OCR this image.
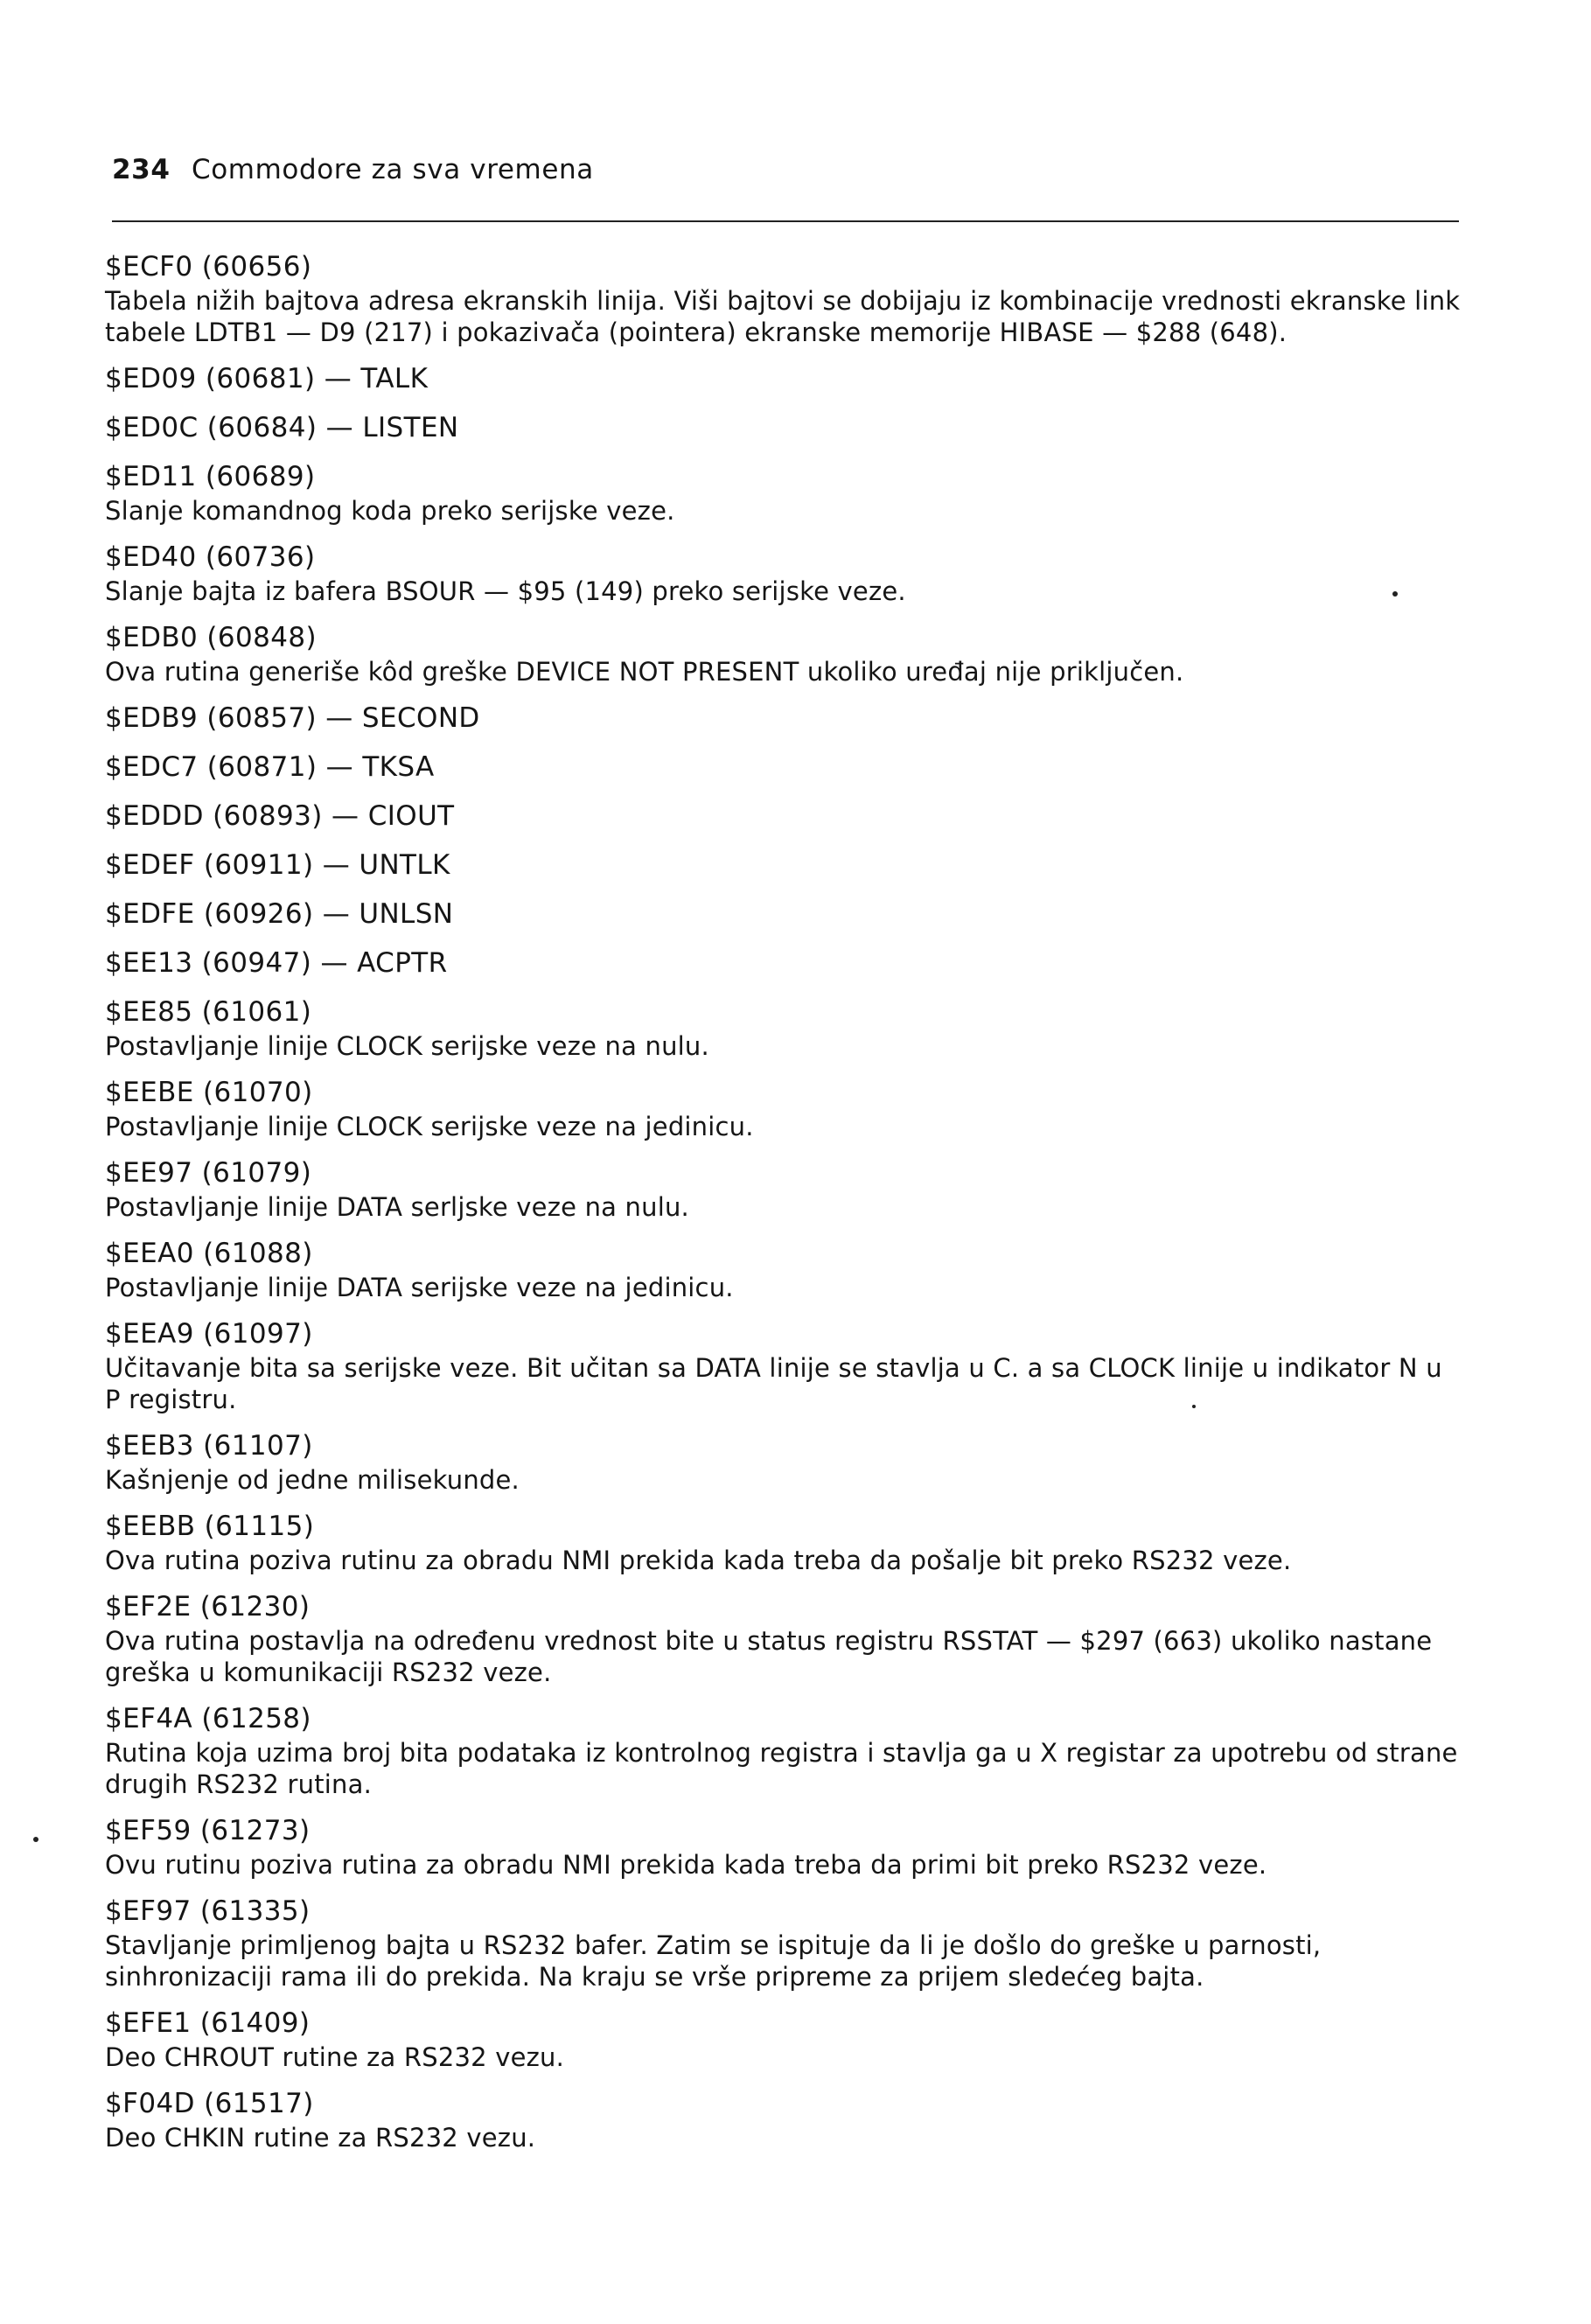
234 Commodore za sva vremena
$ECF0 (60656)
Tabela nižih bajtova adresa ekranskih linija. Viši bajtovi se dobijaju iz kombinacije vrednosti ekranske link tabele LDTB1 — D9 (217) i pokazivača (pointera) ekranske memorije HIBASE — $288 (648).
$ED09 (60681) — TALK
$ED0C (60684) — LISTEN
$ED11 (60689)
Slanje komandnog koda preko serijske veze.
$ED40 (60736)
Slanje bajta iz bafera BSOUR — $95 (149) preko serijske veze.
$EDB0 (60848)
Ova rutina generiše kôd greške DEVICE NOT PRESENT ukoliko uređaj nije priključen.
$EDB9 (60857) — SECOND
$EDC7 (60871) — TKSA
$EDDD (60893) — CIOUT
$EDEF (60911) — UNTLK
$EDFE (60926) — UNLSN
$EE13 (60947) — ACPTR
$EE85 (61061)
Postavljanje linije CLOCK serijske veze na nulu.
$EEBE (61070)
Postavljanje linije CLOCK serijske veze na jedinicu.
$EE97 (61079)
Postavljanje linije DATA serljske veze na nulu.
$EEA0 (61088)
Postavljanje linije DATA serijske veze na jedinicu.
$EEA9 (61097)
Učitavanje bita sa serijske veze. Bit učitan sa DATA linije se stavlja u C. a sa CLOCK linije u indikator N u P registru.
$EEB3 (61107)
Kašnjenje od jedne milisekunde.
$EEBB (61115)
Ova rutina poziva rutinu za obradu NMI prekida kada treba da pošalje bit preko RS232 veze.
$EF2E (61230)
Ova rutina postavlja na određenu vrednost bite u status registru RSSTAT — $297 (663) ukoliko nastane greška u komunikaciji RS232 veze.
$EF4A (61258)
Rutina koja uzima broj bita podataka iz kontrolnog registra i stavlja ga u X registar za upotrebu od strane drugih RS232 rutina.
$EF59 (61273)
Ovu rutinu poziva rutina za obradu NMI prekida kada treba da primi bit preko RS232 veze.
$EF97 (61335)
Stavljanje primljenog bajta u RS232 bafer. Zatim se ispituje da li je došlo do greške u parnosti, sinhronizaciji rama ili do prekida. Na kraju se vrše pripreme za prijem sledećeg bajta.
$EFE1 (61409)
Deo CHROUT rutine za RS232 vezu.
$F04D (61517)
Deo CHKIN rutine za RS232 vezu.
